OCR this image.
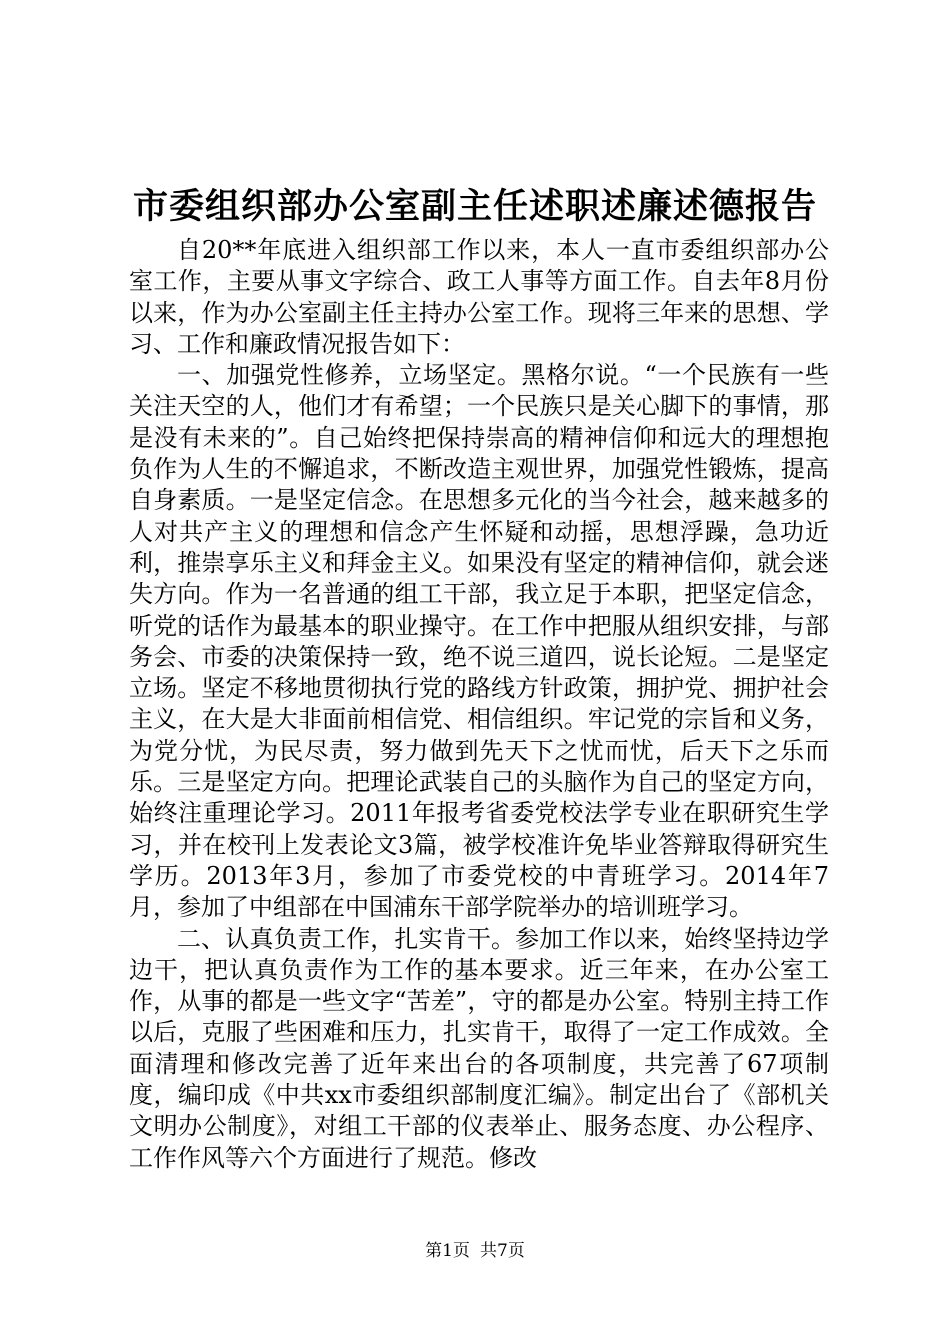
市委组织部办公室副主任述职述廉述德报告

自20**年底进入组织部工作以来，本人一直市委组织部办公室工作，主要从事文字综合、政工人事等方面工作。自去年8月份以来，作为办公室副主任主持办公室工作。现将三年来的思想、学习、工作和廉政情况报告如下：

一、加强党性修养，立场坚定。黑格尔说。“一个民族有一些关注天空的人，他们才有希望；一个民族只是关心脚下的事情，那是没有未来的”。自己始终把保持崇高的精神信仰和远大的理想抱负作为人生的不懈追求，不断改造主观世界，加强党性锻炼，提高自身素质。一是坚定信念。在思想多元化的当今社会，越来越多的人对共产主义的理想和信念产生怀疑和动摇，思想浮躁，急功近利，推崇享乐主义和拜金主义。如果没有坚定的精神信仰，就会迷失方向。作为一名普通的组工干部，我立足于本职，把坚定信念，听党的话作为最基本的职业操守。在工作中把服从组织安排，与部务会、市委的决策保持一致，绝不说三道四，说长论短。二是坚定立场。坚定不移地贯彻执行党的路线方针政策，拥护党、拥护社会主义，在大是大非面前相信党、相信组织。牢记党的宗旨和义务，为党分忧，为民尽责，努力做到先天下之忧而忧，后天下之乐而乐。三是坚定方向。把理论武装自己的头脑作为自己的坚定方向，始终注重理论学习。2011年报考省委党校法学专业在职研究生学习，并在校刊上发表论文3篇，被学校准许免毕业答辩取得研究生学历。2013年3月，参加了市委党校的中青班学习。2014年7月，参加了中组部在中国浦东干部学院举办的培训班学习。

二、认真负责工作，扎实肯干。参加工作以来，始终坚持边学边干，把认真负责作为工作的基本要求。近三年来，在办公室工作，从事的都是一些文字“苦差”，守的都是办公室。特别主持工作以后，克服了些困难和压力，扎实肯干，取得了一定工作成效。全面清理和修改完善了近年来出台的各项制度，共完善了67项制度，编印成《中共xx市委组织部制度汇编》。制定出台了《部机关文明办公制度》，对组工干部的仪表举止、服务态度、办公程序、工作作风等六个方面进行了规范。修改

第1页 共7页
